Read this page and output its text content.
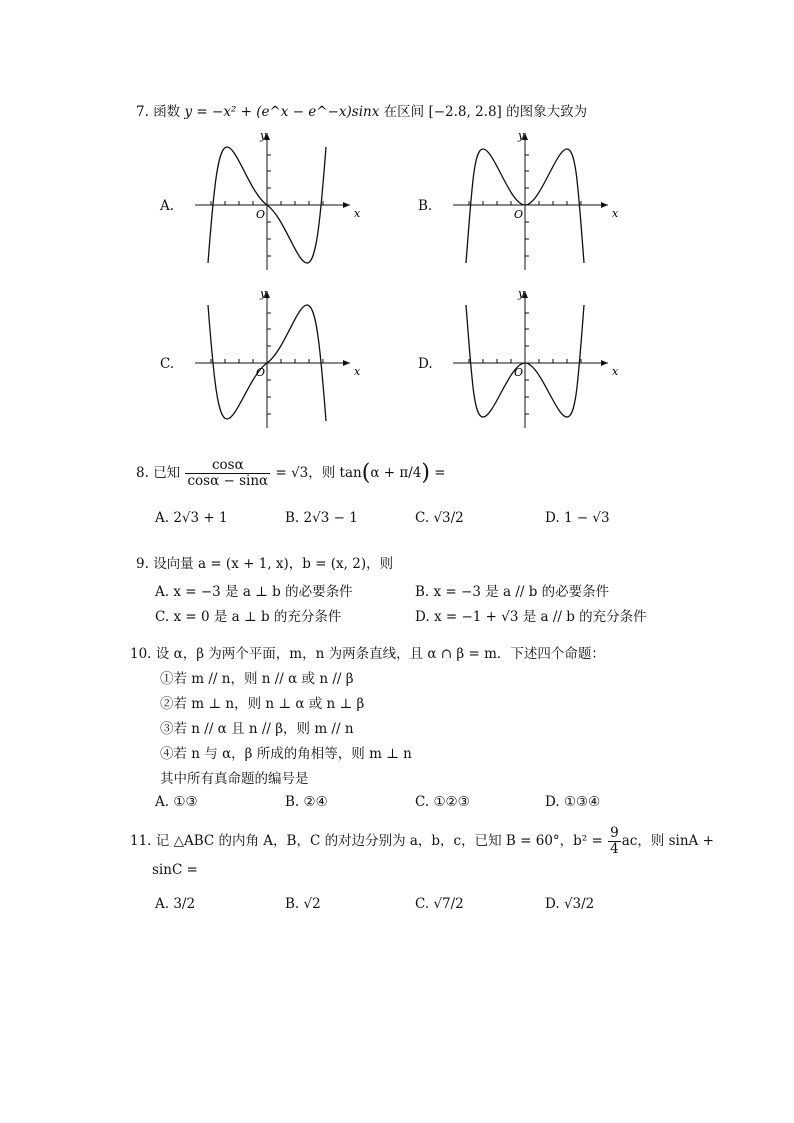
7. 函数 y = −x² + (e^x − e^−x)sinx 在区间 [−2.8, 2.8] 的图象大致为
A.	x
y
O
B.	x
y
O
C.	x
y
O
D.	x
y
O
8. 已知 $\frac{\cos\alpha}{\cos\alpha - \sin\alpha} = √3$，则 tan(α + π/4) =
A. 2√3 + 1	B. 2√3 − 1	C. √3/2	D. 1 − √3
9. 设向量 a = (x + 1, x)，b = (x, 2)，则
A. x = −3 是 a ⊥ b 的必要条件	B. x = −3 是 a // b 的必要条件
C. x = 0 是 a ⊥ b 的充分条件	D. x = −1 + √3 是 a // b 的充分条件
10. 设 α，β 为两个平面，m，n 为两条直线，且 α ∩ β = m．下述四个命题：
①若 m // n，则 n // α 或 n // β
②若 m ⊥ n，则 n ⊥ α 或 n ⊥ β
③若 n // α 且 n // β，则 m // n
④若 n 与 α，β 所成的角相等，则 m ⊥ n
其中所有真命题的编号是
A. ①③	B. ②④	C. ①②③	D. ①③④
11. 记 △ABC 的内角 A，B，C 的对边分别为 a，b，c，已知 B = 60°，$b^2 = \frac{9}{4}$ ac，则 sinA +
sinC =
A. 3/2	B. √2	C. √7/2	D. √3/2
